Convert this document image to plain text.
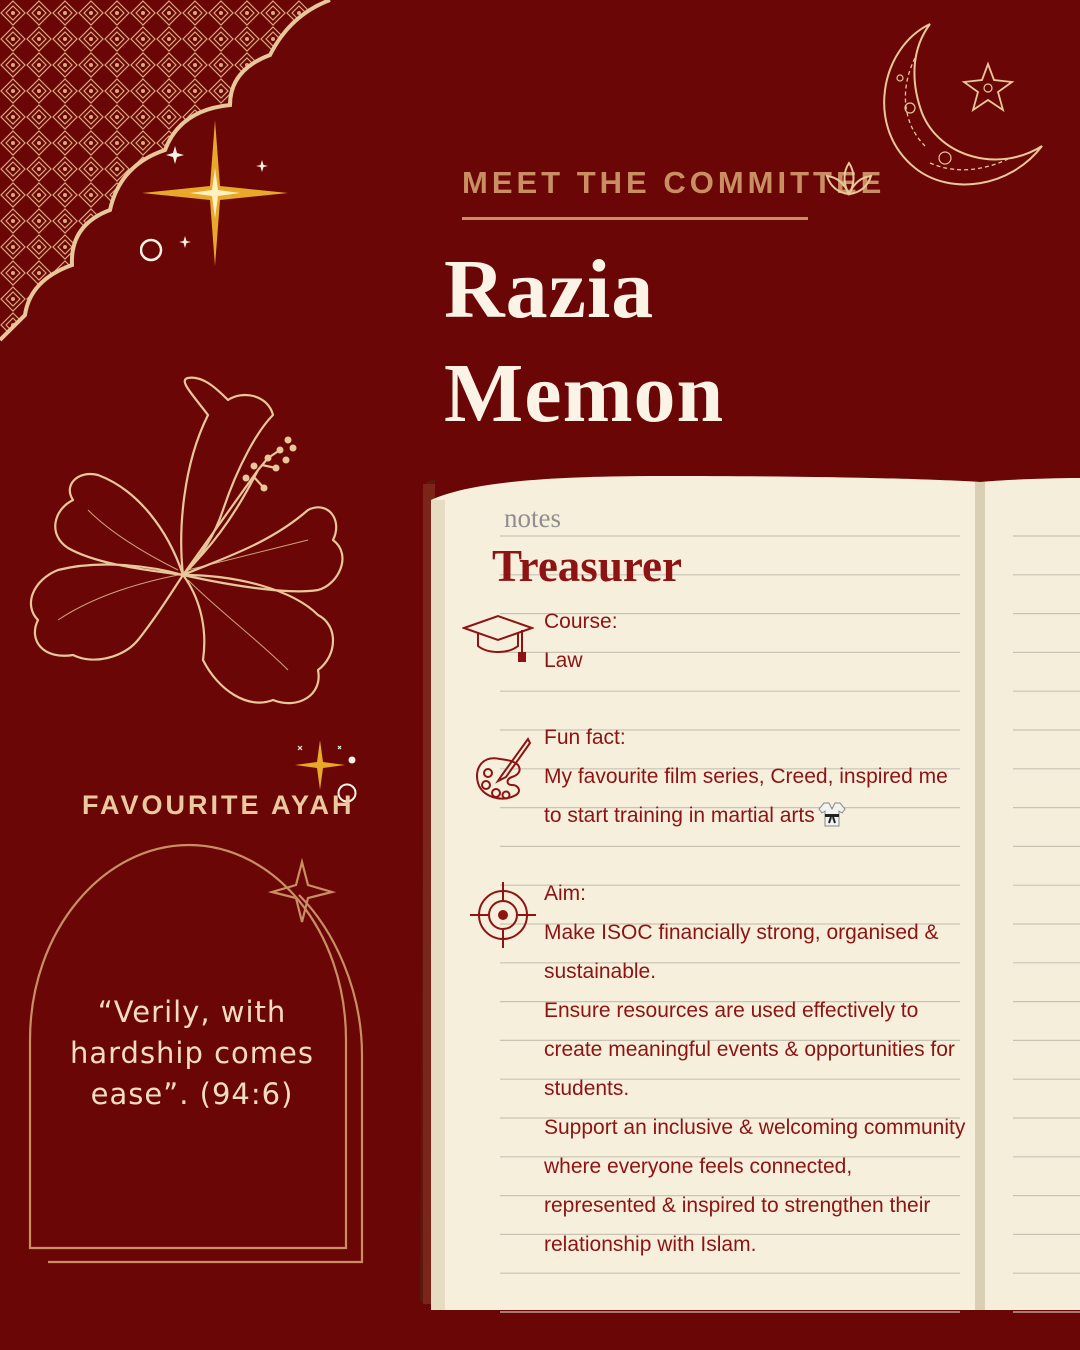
MEET THE COMMITTEE
Razia
Memon
FAVOURITE AYAH
“Verily, with
hardship comes
ease”. (94:6)
notes
Treasurer
Course:
Law
Fun fact:
My favourite film series, Creed, inspired me
to start training in martial arts
Aim:
Make ISOC financially strong, organised &
sustainable.
Ensure resources are used effectively to
create meaningful events & opportunities for
students.
Support an inclusive & welcoming community
where everyone feels connected,
represented & inspired to strengthen their
relationship with Islam.
